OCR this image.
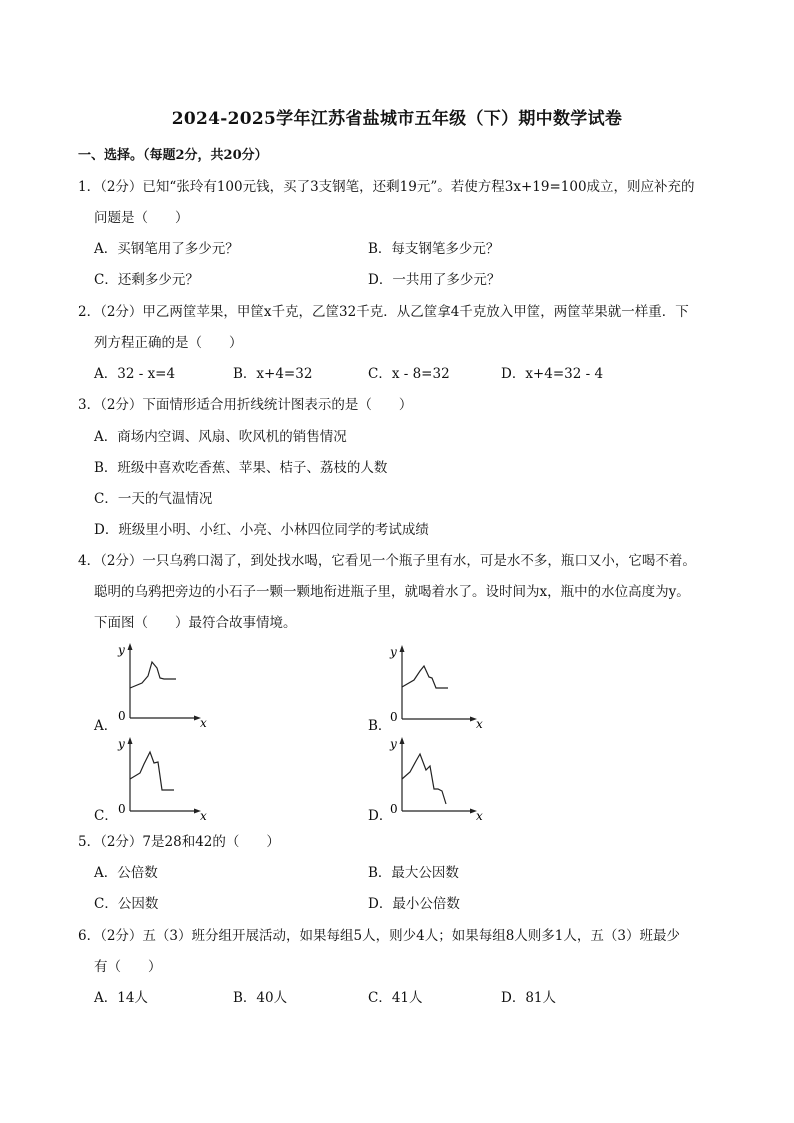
2024-2025学年江苏省盐城市五年级（下）期中数学试卷
一、选择。（每题2分，共20分）
1．（2分）已知“张玲有100元钱，买了3支钢笔，还剩19元”。若使方程3x+19=100成立，则应补充的
问题是（　　）
A．买钢笔用了多少元？	B．每支钢笔多少元？
C．还剩多少元？	D．一共用了多少元？
2．（2分）甲乙两筐苹果，甲筐x千克，乙筐32千克．从乙筐拿4千克放入甲筐，两筐苹果就一样重．下
列方程正确的是（　　）
A．32 - x=4	B．x+4=32	C．x - 8=32	D．x+4=32 - 4
3．（2分）下面情形适合用折线统计图表示的是（　　）
A．商场内空调、风扇、吹风机的销售情况
B．班级中喜欢吃香蕉、苹果、桔子、荔枝的人数
C．一天的气温情况
D．班级里小明、小红、小亮、小林四位同学的考试成绩
4．（2分）一只乌鸦口渴了，到处找水喝，它看见一个瓶子里有水，可是水不多，瓶口又小，它喝不着。
聪明的乌鸦把旁边的小石子一颗一颗地衔进瓶子里，就喝着水了。设时间为x，瓶中的水位高度为y。
下面图（　　）最符合故事情境。
A．
y
x
0
B．
y
x
0
C．
y
x
0	D．
y
x
0
5．（2分）7是28和42的（　　）
A．公倍数	B．最大公因数
C．公因数	D．最小公倍数
6．（2分）五（3）班分组开展活动，如果每组5人，则少4人；如果每组8人则多1人，五（3）班最少
有（　　）
A．14人	B．40人	C．41人	D．81人
